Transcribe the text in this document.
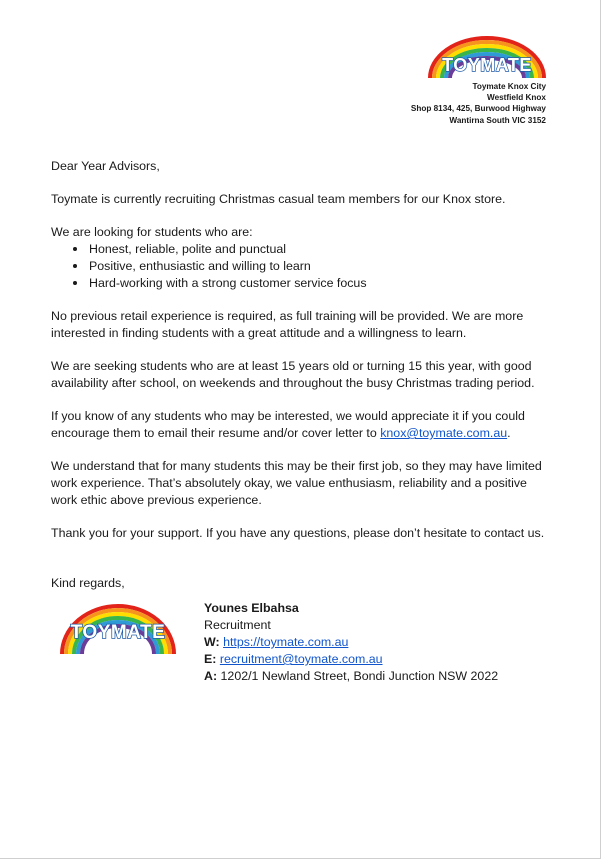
TOYMATE
Toymate Knox City
Westfield Knox
Shop 8134, 425, Burwood Highway
Wantirna South VIC 3152

Dear Year Advisors,

Toymate is currently recruiting Christmas casual team members for our Knox store.

We are looking for students who are:

Honest, reliable, polite and punctual
Positive, enthusiastic and willing to learn
Hard-working with a strong customer service focus

No previous retail experience is required, as full training will be provided. We are more interested in finding students with a great attitude and a willingness to learn.

We are seeking students who are at least 15 years old or turning 15 this year, with good availability after school, on weekends and throughout the busy Christmas trading period.

If you know of any students who may be interested, we would appreciate it if you could encourage them to email their resume and/or cover letter to knox@toymate.com.au.

We understand that for many students this may be their first job, so they may have limited work experience. That’s absolutely okay, we value enthusiasm, reliability and a positive work ethic above previous experience.

Thank you for your support. If you have any questions, please don’t hesitate to contact us.

Kind regards,

TOYMATE
Younes Elbahsa
Recruitment
W: https://toymate.com.au
E: recruitment@toymate.com.au
A: 1202/1 Newland Street, Bondi Junction NSW 2022
